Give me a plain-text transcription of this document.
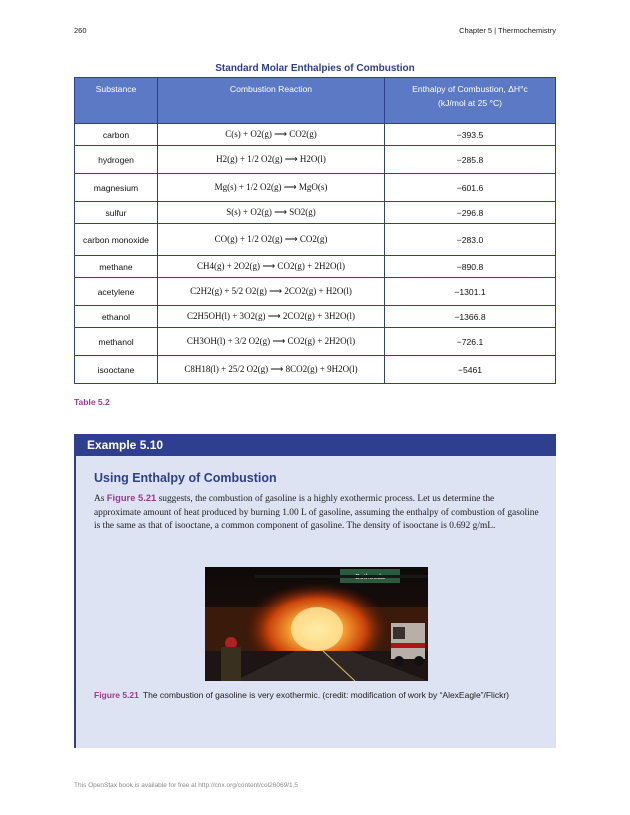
260	Chapter 5 | Thermochemistry
Standard Molar Enthalpies of Combustion
Substance	Combustion Reaction	Enthalpy of Combustion, ΔH°c
(kJ/mol at 25 °C)

carbon	C(s) + O2(g) ⟶ CO2(g)	−393.5
hydrogen	H2(g) + 1/2 O2(g) ⟶ H2O(l)	−285.8
magnesium	Mg(s) + 1/2 O2(g) ⟶ MgO(s)	−601.6
sulfur	S(s) + O2(g) ⟶ SO2(g)	−296.8
carbon monoxide	CO(g) + 1/2 O2(g) ⟶ CO2(g)	−283.0
methane	CH4(g) + 2O2(g) ⟶ CO2(g) + 2H2O(l)	−890.8
acetylene	C2H2(g) + 5/2 O2(g) ⟶ 2CO2(g) + H2O(l)	−1301.1
ethanol	C2H5OH(l) + 3O2(g) ⟶ 2CO2(g) + 3H2O(l)	−1366.8
methanol	CH3OH(l) + 3/2 O2(g) ⟶ CO2(g) + 2H2O(l)	−726.1
isooctane	C8H18(l) + 25/2 O2(g) ⟶ 8CO2(g) + 9H2O(l)	−5461
Table 5.2
Example 5.10
Using Enthalpy of Combustion
As Figure 5.21 suggests, the combustion of gasoline is a highly exothermic process. Let us determine the approximate amount of heat produced by burning 1.00 L of gasoline, assuming the enthalpy of combustion of gasoline is the same as that of isooctane, a common component of gasoline. The density of isooctane is 0.692 g/mL.
Figure 5.21 The combustion of gasoline is very exothermic. (credit: modification of work by “AlexEagle”/Flickr)
This OpenStax book is available for free at http://cnx.org/content/col26069/1.5
